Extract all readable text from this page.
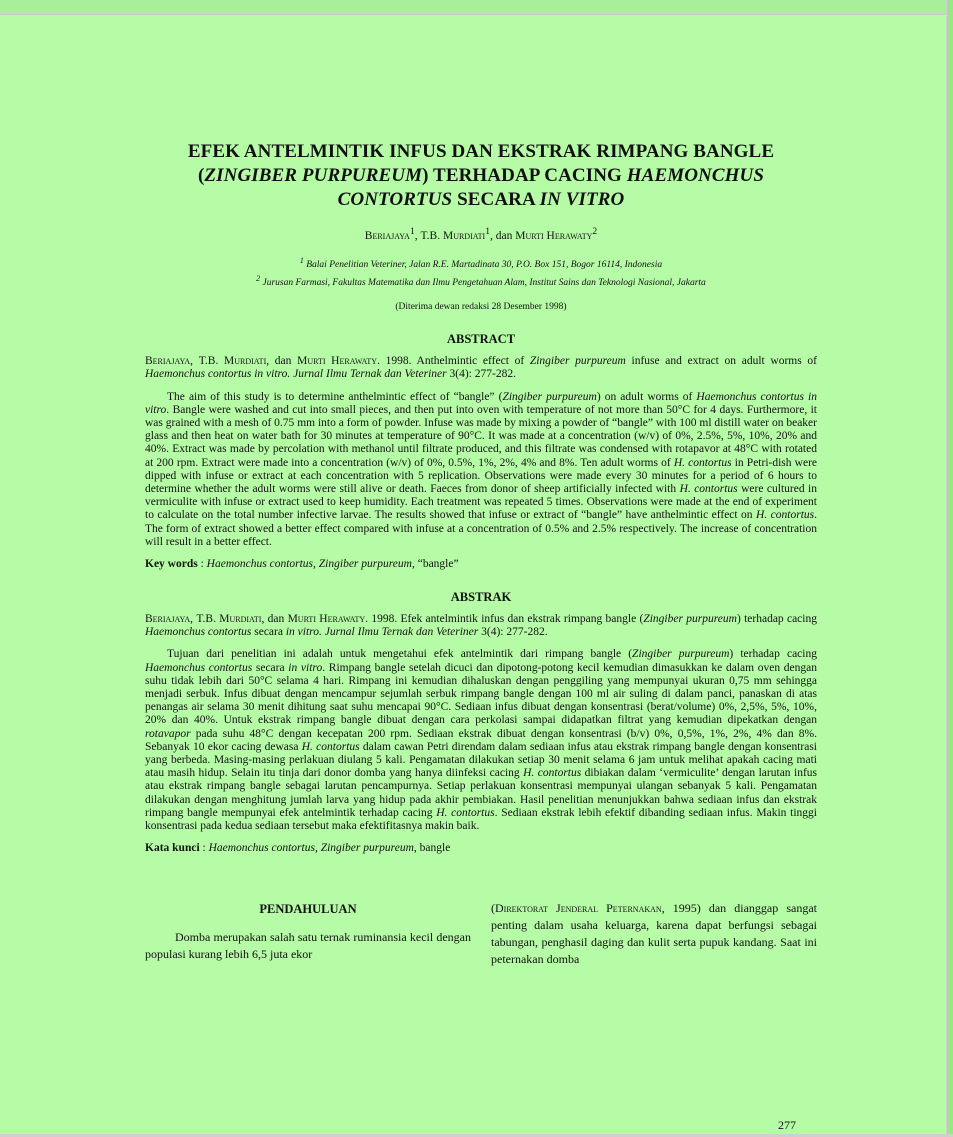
EFEK ANTELMINTIK INFUS DAN EKSTRAK RIMPANG BANGLE
(ZINGIBER PURPUREUM) TERHADAP CACING HAEMONCHUS
CONTORTUS SECARA IN VITRO
Beriajaya$^1$, T.B. Murdiati$^1$, dan Murti Herawaty$^2$
$^1$ Balai Penelitian Veteriner, Jalan R.E. Martadinata 30, P.O. Box 151, Bogor 16114, Indonesia
$^2$ Jurusan Farmasi, Fakultas Matematika dan Ilmu Pengetahuan Alam, Institut Sains dan Teknologi Nasional, Jakarta
(Diterima dewan redaksi 28 Desember 1998)
ABSTRACT

Beriajaya, T.B. Murdiati, dan Murti Herawaty. 1998. Anthelmintic effect of Zingiber purpureum infuse and extract on adult worms of Haemonchus contortus in vitro. Jurnal Ilmu Ternak dan Veteriner 3(4): 277-282.

The aim of this study is to determine anthelmintic effect of “bangle” (Zingiber purpureum) on adult worms of Haemonchus contortus in vitro. Bangle were washed and cut into small pieces, and then put into oven with temperature of not more than 50°C for 4 days. Furthermore, it was grained with a mesh of 0.75 mm into a form of powder. Infuse was made by mixing a powder of “bangle” with 100 ml distill water on beaker glass and then heat on water bath for 30 minutes at temperature of 90°C. It was made at a concentration (w/v) of 0%, 2.5%, 5%, 10%, 20% and 40%. Extract was made by percolation with methanol until filtrate produced, and this filtrate was condensed with rotapavor at 48°C with rotated at 200 rpm. Extract were made into a concentration (w/v) of 0%, 0.5%, 1%, 2%, 4% and 8%. Ten adult worms of H. contortus in Petri-dish were dipped with infuse or extract at each concentration with 5 replication. Observations were made every 30 minutes for a period of 6 hours to determine whether the adult worms were still alive or death. Faeces from donor of sheep artificially infected with H. contortus were cultured in vermiculite with infuse or extract used to keep humidity. Each treatment was repeated 5 times. Observations were made at the end of experiment to calculate on the total number infective larvae. The results showed that infuse or extract of “bangle” have anthelmintic effect on H. contortus. The form of extract showed a better effect compared with infuse at a concentration of 0.5% and 2.5% respectively. The increase of concentration will result in a better effect.

Key words : Haemonchus contortus, Zingiber purpureum, “bangle”
ABSTRAK

Beriajaya, T.B. Murdiati, dan Murti Herawaty. 1998. Efek antelmintik infus dan ekstrak rimpang bangle (Zingiber purpureum) terhadap cacing Haemonchus contortus secara in vitro. Jurnal Ilmu Ternak dan Veteriner 3(4): 277-282.

Tujuan dari penelitian ini adalah untuk mengetahui efek antelmintik dari rimpang bangle (Zingiber purpureum) terhadap cacing Haemonchus contortus secara in vitro. Rimpang bangle setelah dicuci dan dipotong-potong kecil kemudian dimasukkan ke dalam oven dengan suhu tidak lebih dari 50°C selama 4 hari. Rimpang ini kemudian dihaluskan dengan penggiling yang mempunyai ukuran 0,75 mm sehingga menjadi serbuk. Infus dibuat dengan mencampur sejumlah serbuk rimpang bangle dengan 100 ml air suling di dalam panci, panaskan di atas penangas air selama 30 menit dihitung saat suhu mencapai 90°C. Sediaan infus dibuat dengan konsentrasi (berat/volume) 0%, 2,5%, 5%, 10%, 20% dan 40%. Untuk ekstrak rimpang bangle dibuat dengan cara perkolasi sampai didapatkan filtrat yang kemudian dipekatkan dengan rotavapor pada suhu 48°C dengan kecepatan 200 rpm. Sediaan ekstrak dibuat dengan konsentrasi (b/v) 0%, 0,5%, 1%, 2%, 4% dan 8%. Sebanyak 10 ekor cacing dewasa H. contortus dalam cawan Petri direndam dalam sediaan infus atau ekstrak rimpang bangle dengan konsentrasi yang berbeda. Masing-masing perlakuan diulang 5 kali. Pengamatan dilakukan setiap 30 menit selama 6 jam untuk melihat apakah cacing mati atau masih hidup. Selain itu tinja dari donor domba yang hanya diinfeksi cacing H. contortus dibiakan dalam ‘vermiculite’ dengan larutan infus atau ekstrak rimpang bangle sebagai larutan pencampurnya. Setiap perlakuan konsentrasi mempunyai ulangan sebanyak 5 kali. Pengamatan dilakukan dengan menghitung jumlah larva yang hidup pada akhir pembiakan. Hasil penelitian menunjukkan bahwa sediaan infus dan ekstrak rimpang bangle mempunyai efek antelmintik terhadap cacing H. contortus. Sediaan ekstrak lebih efektif dibanding sediaan infus. Makin tinggi konsentrasi pada kedua sediaan tersebut maka efektifitasnya makin baik.

Kata kunci : Haemonchus contortus, Zingiber purpureum, bangle
PENDAHULUAN

Domba merupakan salah satu ternak ruminansia kecil dengan populasi kurang lebih 6,5 juta ekor

(Direktorat Jenderal Peternakan, 1995) dan dianggap sangat penting dalam usaha keluarga, karena dapat berfungsi sebagai tabungan, penghasil daging dan kulit serta pupuk kandang. Saat ini peternakan domba

277
